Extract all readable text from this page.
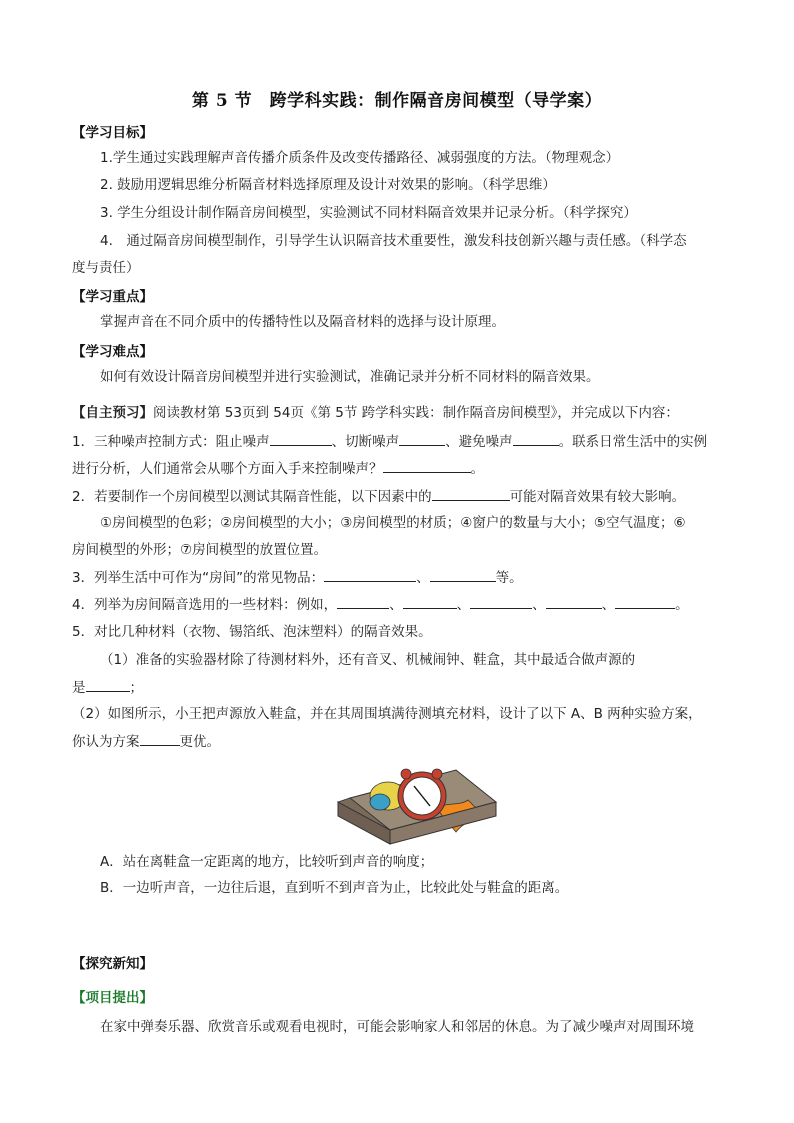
第 5 节　跨学科实践：制作隔音房间模型（导学案）
【学习目标】
1.学生通过实践理解声音传播介质条件及改变传播路径、减弱强度的方法。（物理观念）
2. 鼓励用逻辑思维分析隔音材料选择原理及设计对效果的影响。（科学思维）
3. 学生分组设计制作隔音房间模型，实验测试不同材料隔音效果并记录分析。（科学探究）
4.　通过隔音房间模型制作，引导学生认识隔音技术重要性，激发科技创新兴趣与责任感。（科学态
度与责任）
【学习重点】
掌握声音在不同介质中的传播特性以及隔音材料的选择与设计原理。
【学习难点】
如何有效设计隔音房间模型并进行实验测试，准确记录并分析不同材料的隔音效果。
【自主预习】阅读教材第 53页到 54页《第 5节 跨学科实践：制作隔音房间模型》，并完成以下内容：
1．三种噪声控制方式：阻止噪声	、切断噪声	、避免噪声	。联系日常生活中的实例
进行分析，人们通常会从哪个方面入手来控制噪声？	。
2．若要制作一个房间模型以测试其隔音性能，以下因素中的	可能对隔音效果有较大影响。
①房间模型的色彩；②房间模型的大小；③房间模型的材质；④窗户的数量与大小；⑤空气温度；⑥
房间模型的外形；⑦房间模型的放置位置。
3．列举生活中可作为“房间”的常见物品：	、	等。
4．列举为房间隔音选用的一些材料：例如，	、	、	、	、	。
5．对比几种材料（衣物、锡箔纸、泡沫塑料）的隔音效果。
（1）准备的实验器材除了待测材料外，还有音叉、机械闹钟、鞋盒，其中最适合做声源的
是	；
（2）如图所示，小王把声源放入鞋盒，并在其周围填满待测填充材料，设计了以下 A、B 两种实验方案，
你认为方案	更优。
A．站在离鞋盒一定距离的地方，比较听到声音的响度；
B．一边听声音，一边往后退，直到听不到声音为止，比较此处与鞋盒的距离。
【探究新知】
【项目提出】
在家中弹奏乐器、欣赏音乐或观看电视时，可能会影响家人和邻居的休息。为了减少噪声对周围环境
